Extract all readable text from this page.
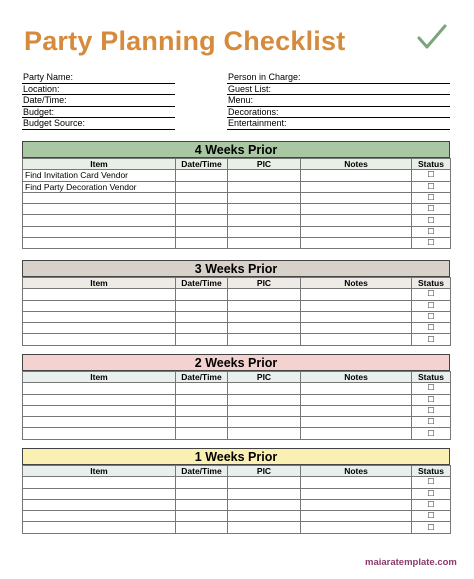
Party Planning Checklist
Party Name:
Location:
Date/Time:
Budget:
Budget Source:
Person in Charge:
Guest List:
Menu:
Decorations:
Entertainment:
4 Weeks Prior
Item	Date/Time	PIC	Notes	Status
Find Invitation Card Vendor				☐
Find Party Decoration Vendor				☐
				☐
				☐
				☐
				☐
				☐
3 Weeks Prior
Item	Date/Time	PIC	Notes	Status
				☐
				☐
				☐
				☐
				☐
2 Weeks Prior
Item	Date/Time	PIC	Notes	Status
				☐
				☐
				☐
				☐
				☐
1 Weeks Prior
Item	Date/Time	PIC	Notes	Status
				☐
				☐
				☐
				☐
				☐
maiaratemplate.com
